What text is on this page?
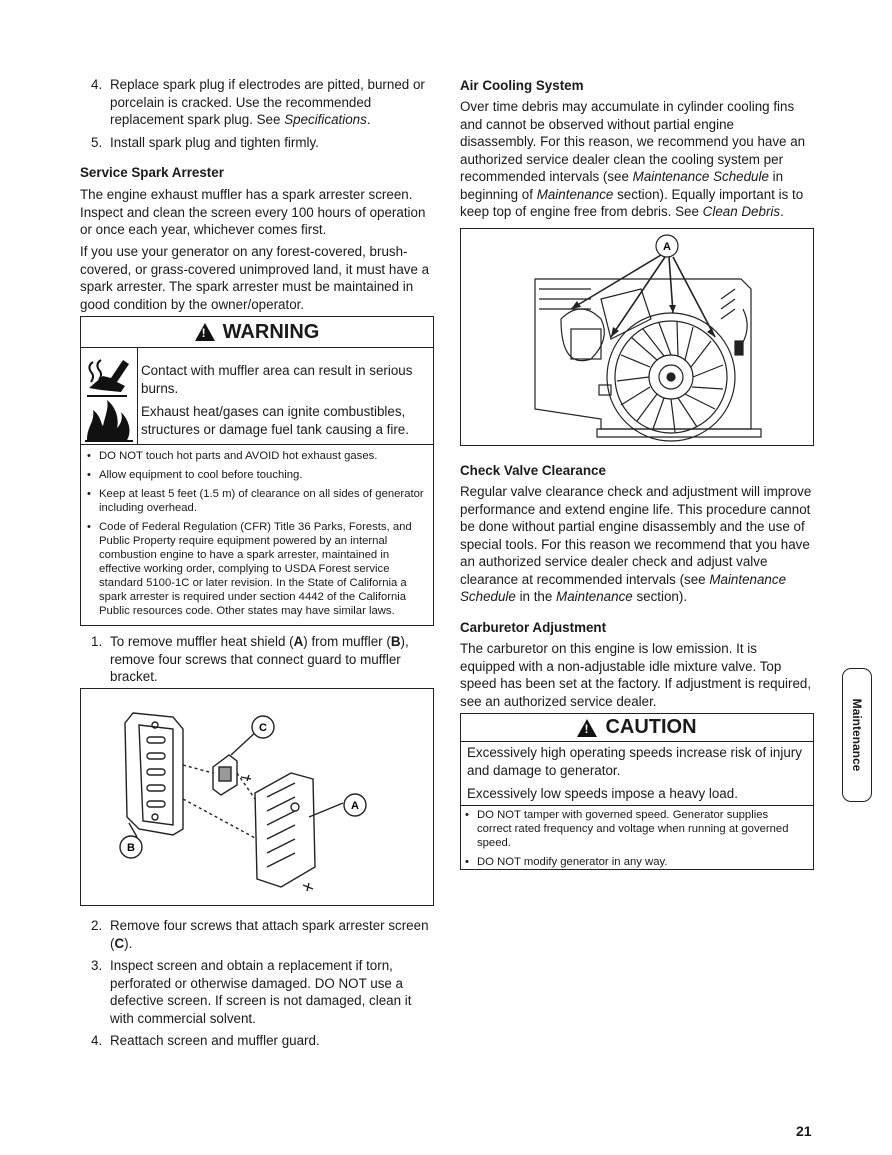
4. Replace spark plug if electrodes are pitted, burned or porcelain is cracked. Use the recommended replacement spark plug. See Specifications.
5. Install spark plug and tighten firmly.
Service Spark Arrester

The engine exhaust muffler has a spark arrester screen. Inspect and clean the screen every 100 hours of operation or once each year, whichever comes first.

If you use your generator on any forest-covered, brush-covered, or grass-covered unimproved land, it must have a spark arrester. The spark arrester must be maintained in good condition by the owner/operator.

!
WARNING

Contact with muffler area can result in serious burns.

Exhaust heat/gases can ignite combustibles, structures or damage fuel tank causing a fire.

• DO NOT touch hot parts and AVOID hot exhaust gases.
• Allow equipment to cool before touching.
• Keep at least 5 feet (1.5 m) of clearance on all sides of generator including overhead.
• Code of Federal Regulation (CFR) Title 36 Parks, Forests, and Public Property require equipment powered by an internal combustion engine to have a spark arrester, maintained in effective working order, complying to USDA Forest service standard 5100-1C or later revision. In the State of California a spark arrester is required under section 4442 of the California Public resources code. Other states may have similar laws.
1. To remove muffler heat shield (A) from muffler (B), remove four screws that connect guard to muffler bracket.
C
A
B
2. Remove four screws that attach spark arrester screen (C).
3. Inspect screen and obtain a replacement if torn, perforated or otherwise damaged. DO NOT use a defective screen. If screen is not damaged, clean it with commercial solvent.
4. Reattach screen and muffler guard.
Air Cooling System

Over time debris may accumulate in cylinder cooling fins and cannot be observed without partial engine disassembly. For this reason, we recommend you have an authorized service dealer clean the cooling system per recommended intervals (see Maintenance Schedule in beginning of Maintenance section). Equally important is to keep top of engine free from debris. See Clean Debris.

A
Check Valve Clearance

Regular valve clearance check and adjustment will improve performance and extend engine life. This procedure cannot be done without partial engine disassembly and the use of special tools. For this reason we recommend that you have an authorized service dealer check and adjust valve clearance at recommended intervals (see Maintenance Schedule in the Maintenance section).

Carburetor Adjustment

The carburetor on this engine is low emission. It is equipped with a non-adjustable idle mixture valve. Top speed has been set at the factory. If adjustment is required, see an authorized service dealer.

!
CAUTION

Excessively high operating speeds increase risk of injury and damage to generator.

Excessively low speeds impose a heavy load.

• DO NOT tamper with governed speed. Generator supplies correct rated frequency and voltage when running at governed speed.
• DO NOT modify generator in any way.
Maintenance
21
